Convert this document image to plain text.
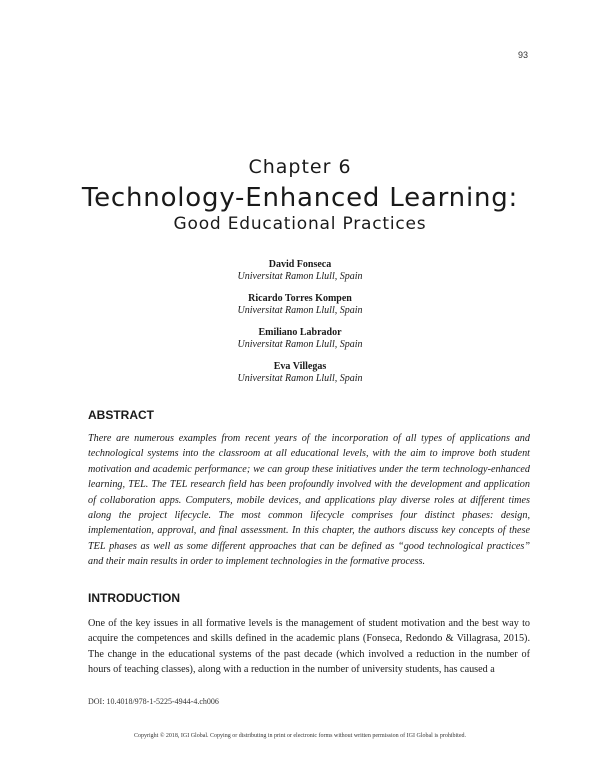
93
Chapter 6
Technology-Enhanced Learning:
Good Educational Practices
David Fonseca
Universitat Ramon Llull, Spain
Ricardo Torres Kompen
Universitat Ramon Llull, Spain
Emiliano Labrador
Universitat Ramon Llull, Spain
Eva Villegas
Universitat Ramon Llull, Spain
ABSTRACT

There are numerous examples from recent years of the incorporation of all types of applications and technological systems into the classroom at all educational levels, with the aim to improve both student motivation and academic performance; we can group these initiatives under the term technology-enhanced learning, TEL. The TEL research field has been profoundly involved with the development and application of collaboration apps. Computers, mobile devices, and applications play diverse roles at different times along the project lifecycle. The most common lifecycle comprises four distinct phases: design, implementation, approval, and final assessment. In this chapter, the authors discuss key concepts of these TEL phases as well as some different approaches that can be defined as “good technological practices” and their main results in order to implement technologies in the formative process.

INTRODUCTION

One of the key issues in all formative levels is the management of student motivation and the best way to acquire the competences and skills defined in the academic plans (Fonseca, Redondo & Villagrasa, 2015). The change in the educational systems of the past decade (which involved a reduction in the number of hours of teaching classes), along with a reduction in the number of university students, has caused a

DOI: 10.4018/978-1-5225-4944-4.ch006
Copyright © 2018, IGI Global. Copying or distributing in print or electronic forms without written permission of IGI Global is prohibited.
